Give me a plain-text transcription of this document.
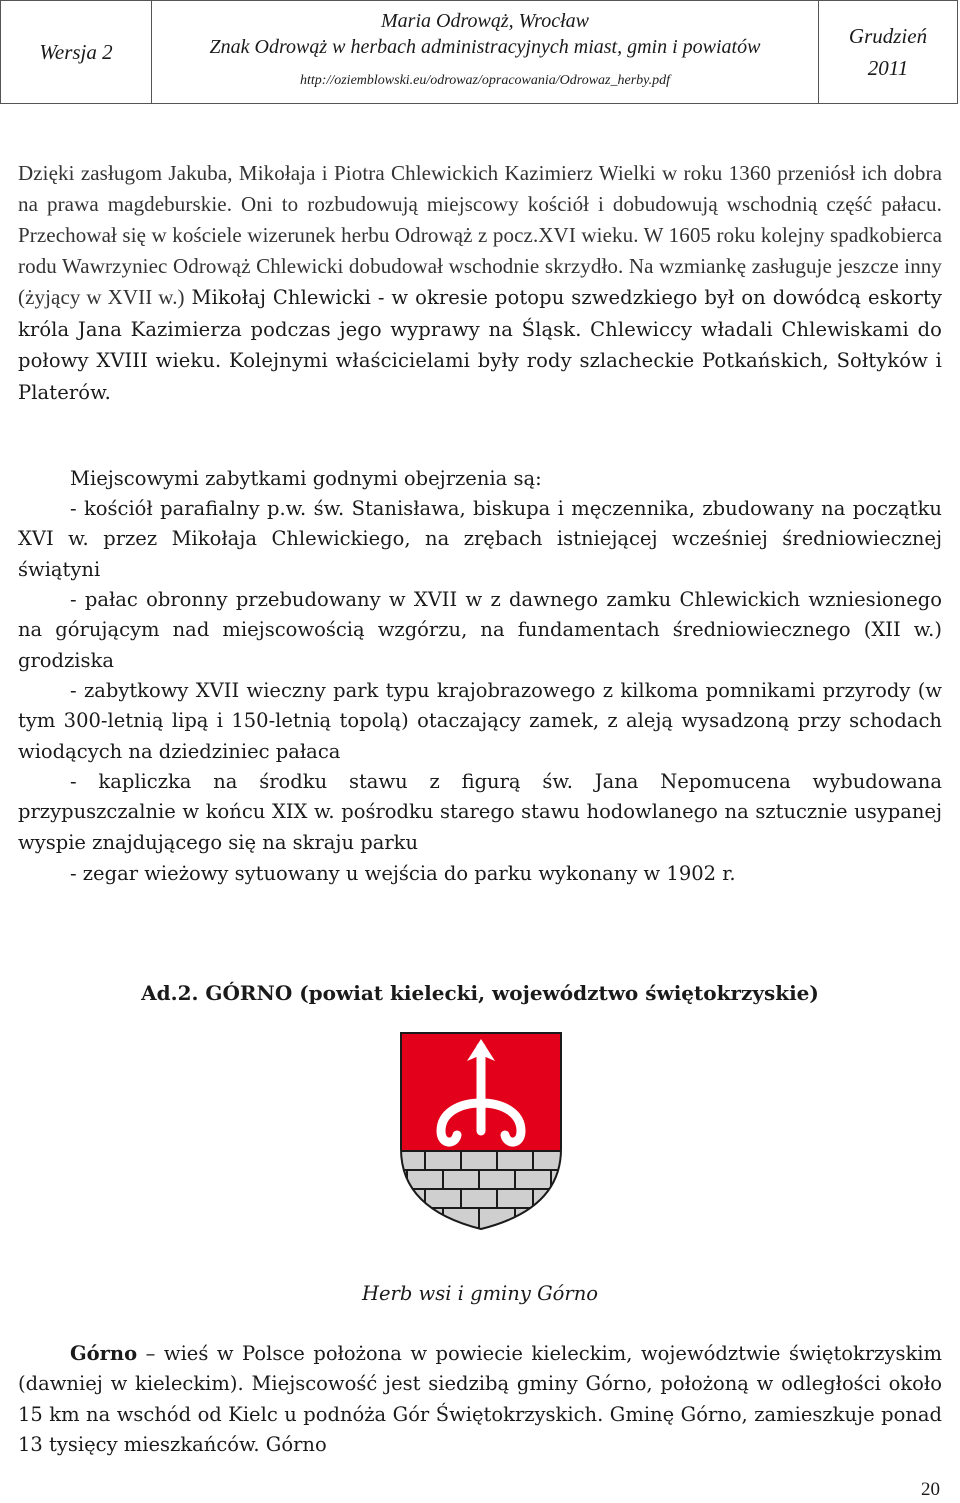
Wersja 2	
Maria Odrowąż, Wrocław
Znak Odrowąż w herbach administracyjnych miast, gmin i powiatów
http://oziemblowski.eu/odrowaz/opracowania/Odrowaz_herby.pdf

Grudzień
2011

Dzięki zasługom Jakuba, Mikołaja i Piotra Chlewickich Kazimierz Wielki w roku 1360 przeniósł ich dobra na prawa magdeburskie. Oni to rozbudowują miejscowy kościół i dobudowują wschodnią część pałacu. Przechował się w kościele wizerunek herbu Odrowąż z pocz.XVI wieku. W 1605 roku kolejny spadkobierca rodu Wawrzyniec Odrowąż Chlewicki dobudował wschodnie skrzydło. Na wzmiankę zasługuje jeszcze inny (żyjący w XVII w.) Mikołaj Chlewicki - w okresie potopu szwedzkiego był on dowódcą eskorty króla Jana Kazimierza podczas jego wyprawy na Śląsk. Chlewiccy władali Chlewiskami do połowy XVIII wieku. Kolejnymi właścicielami były rody szlacheckie Potkańskich, Sołtyków i Platerów.

Miejscowymi zabytkami godnymi obejrzenia są:

- kościół parafialny p.w. św. Stanisława, biskupa i męczennika, zbudowany na początku XVI w. przez Mikołaja Chlewickiego, na zrębach istniejącej wcześniej średniowiecznej świątyni

- pałac obronny przebudowany w XVII w z dawnego zamku Chlewickich wzniesionego na górującym nad miejscowością wzgórzu, na fundamentach średniowiecznego (XII w.) grodziska

- zabytkowy XVII wieczny park typu krajobrazowego z kilkoma pomnikami przyrody (w tym 300-letnią lipą i 150-letnią topolą) otaczający zamek, z aleją wysadzoną przy schodach wiodących na dziedziniec pałaca

- kapliczka na środku stawu z figurą św. Jana Nepomucena wybudowana przypuszczalnie w końcu XIX w. pośrodku starego stawu hodowlanego na sztucznie usypanej wyspie znajdującego się na skraju parku

- zegar wieżowy sytuowany u wejścia do parku wykonany w 1902 r.

Ad.2. GÓRNO (powiat kielecki, województwo świętokrzyskie)
Herb wsi i gminy Górno

Górno – wieś w Polsce położona w powiecie kieleckim, województwie świętokrzyskim (dawniej w kieleckim). Miejscowość jest siedzibą gminy Górno, położoną w odległości około 15 km na wschód od Kielc u podnóża Gór Świętokrzyskich. Gminę Górno, zamieszkuje ponad 13 tysięcy mieszkańców. Górno

20
